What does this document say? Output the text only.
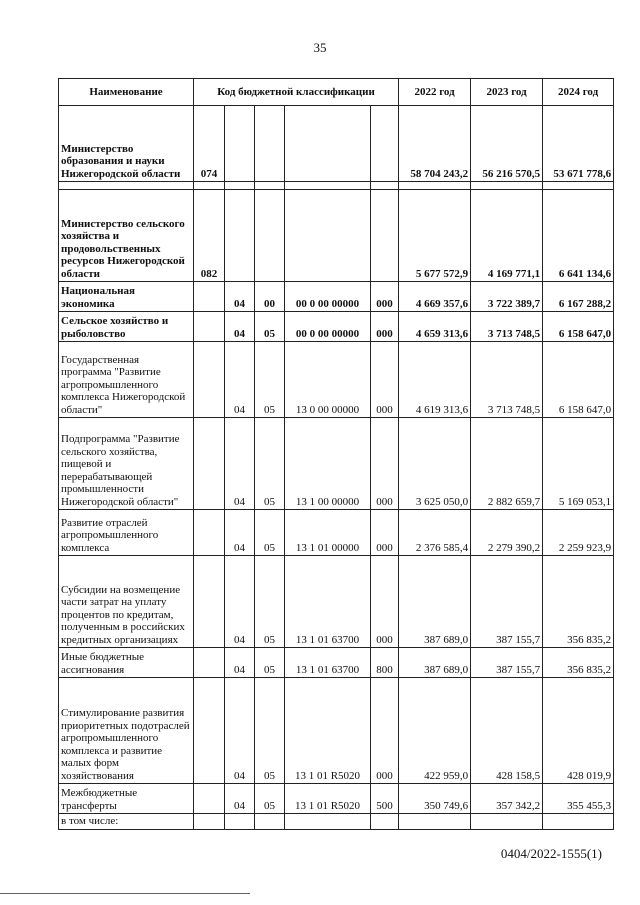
35
Наименование	Код бюджетной классификации					2022 год	2023 год	2024 год
Министерство образования и науки Нижегородской области	074					58 704 243,2	56 216 570,5	53 671 778,6

Министерство сельского хозяйства и продовольственных ресурсов Нижегородской области	082					5 677 572,9	4 169 771,1	6 641 134,6
Национальная экономика		04	00	00 0 00 00000	000	4 669 357,6	3 722 389,7	6 167 288,2
Сельское хозяйство и рыболовство		04	05	00 0 00 00000	000	4 659 313,6	3 713 748,5	6 158 647,0
Государственная программа "Развитие агропромышленного комплекса Нижегородской области"		04	05	13 0 00 00000	000	4 619 313,6	3 713 748,5	6 158 647,0
Подпрограмма "Развитие сельского хозяйства, пищевой и перерабатывающей промышленности Нижегородской области"		04	05	13 1 00 00000	000	3 625 050,0	2 882 659,7	5 169 053,1
Развитие отраслей агропромышленного комплекса		04	05	13 1 01 00000	000	2 376 585,4	2 279 390,2	2 259 923,9
Субсидии на возмещение части затрат на уплату процентов по кредитам, полученным в российских кредитных организациях		04	05	13 1 01 63700	000	387 689,0	387 155,7	356 835,2
Иные бюджетные ассигнования		04	05	13 1 01 63700	800	387 689,0	387 155,7	356 835,2
Стимулирование развития приоритетных подотраслей агропромышленного комплекса и развитие малых форм хозяйствования		04	05	13 1 01 R5020	000	422 959,0	428 158,5	428 019,9
Межбюджетные трансферты		04	05	13 1 01 R5020	500	350 749,6	357 342,2	355 455,3
в том числе:								
0404/2022-1555(1)
